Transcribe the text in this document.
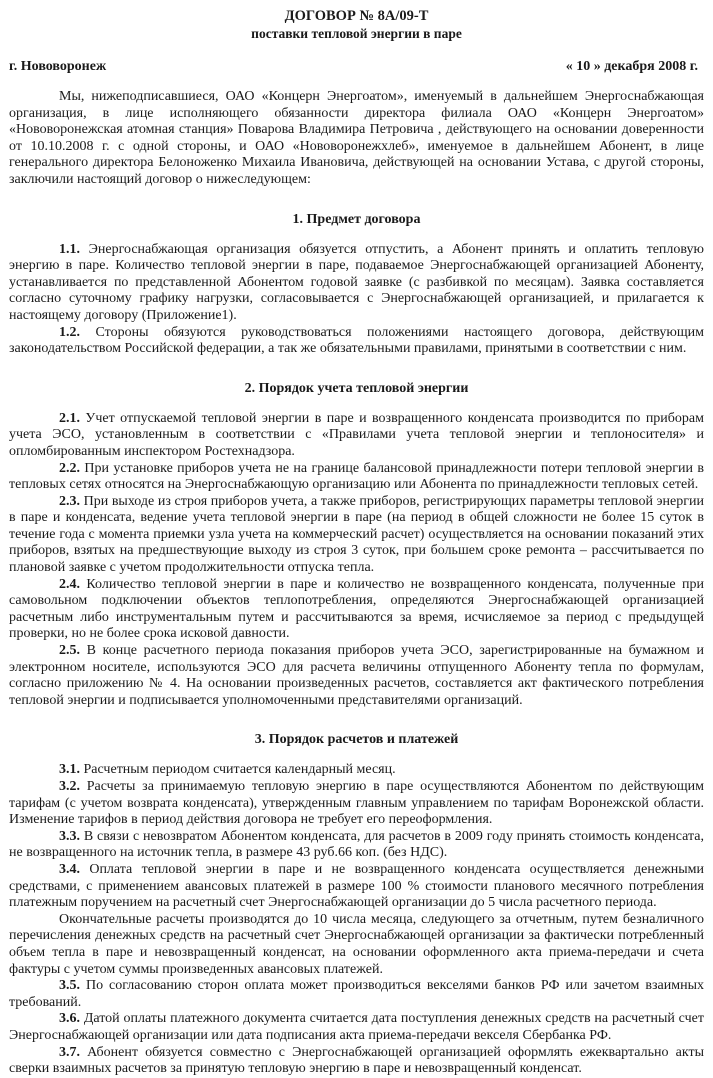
ДОГОВОР № 8А/09-Т
поставки тепловой энергии в паре
г. Нововоронеж	« 10 » декабря 2008 г.

Мы, нижеподписавшиеся, ОАО «Концерн Энергоатом», именуемый в дальнейшем Энергоснабжающая организация, в лице исполняющего обязанности директора филиала ОАО «Концерн Энергоатом» «Нововоронежская атомная станция» Поварова Владимира Петровича , действующего на основании доверенности от 10.10.2008 г. с одной стороны, и ОАО «Нововоронежхлеб», именуемое в дальнейшем Абонент, в лице генерального директора Белоноженко Михаила Ивановича, действующей на основании Устава, с другой стороны, заключили настоящий договор о нижеследующем:

1. Предмет договора

1.1. Энергоснабжающая организация обязуется отпустить, а Абонент принять и оплатить тепловую энергию в паре. Количество тепловой энергии в паре, подаваемое Энергоснабжающей организацией Абоненту, устанавливается по представленной Абонентом годовой заявке (с разбивкой по месяцам). Заявка составляется согласно суточному графику нагрузки, согласовывается с Энергоснабжающей организацией, и прилагается к настоящему договору (Приложение1).

1.2. Стороны обязуются руководствоваться положениями настоящего договора, действующим законодательством Российской федерации, а так же обязательными правилами, принятыми в соответствии с ним.

2. Порядок учета тепловой энергии

2.1. Учет отпускаемой тепловой энергии в паре и возвращенного конденсата производится по приборам учета ЭСО, установленным в соответствии с «Правилами учета тепловой энергии и теплоносителя» и опломбированным инспектором Ростехнадзора.

2.2. При установке приборов учета не на границе балансовой принадлежности потери тепловой энергии в тепловых сетях относятся на Энергоснабжающую организацию или Абонента по принадлежности тепловых сетей.

2.3. При выходе из строя приборов учета, а также приборов, регистрирующих параметры тепловой энергии в паре и конденсата, ведение учета тепловой энергии в паре (на период в общей сложности не более 15 суток в течение года с момента приемки узла учета на коммерческий расчет) осуществляется на основании показаний этих приборов, взятых на предшествующие выходу из строя 3 суток, при большем сроке ремонта – рассчитывается по плановой заявке с учетом продолжительности отпуска тепла.

2.4. Количество тепловой энергии в паре и количество не возвращенного конденсата, полученные при самовольном подключении объектов теплопотребления, определяются Энергоснабжающей организацией расчетным либо инструментальным путем и рассчитываются за время, исчисляемое за период с предыдущей проверки, но не более срока исковой давности.

2.5. В конце расчетного периода показания приборов учета ЭСО, зарегистрированные на бумажном и электронном носителе, используются ЭСО для расчета величины отпущенного Абоненту тепла по формулам, согласно приложению № 4. На основании произведенных расчетов, составляется акт фактического потребления тепловой энергии и подписывается уполномоченными представителями организаций.

3. Порядок расчетов и платежей

3.1. Расчетным периодом считается календарный месяц.

3.2. Расчеты за принимаемую тепловую энергию в паре осуществляются Абонентом по действующим тарифам (с учетом возврата конденсата), утвержденным главным управлением по тарифам Воронежской области. Изменение тарифов в период действия договора не требует его переоформления.

3.3. В связи с невозвратом Абонентом конденсата, для расчетов в 2009 году принять стоимость конденсата, не возвращенного на источник тепла, в размере 43 руб.66 коп. (без НДС).

3.4. Оплата тепловой энергии в паре и не возвращенного конденсата осуществляется денежными средствами, с применением авансовых платежей в размере 100 % стоимости планового месячного потребления платежным поручением на расчетный счет Энергоснабжающей организации до 5 числа расчетного периода.

Окончательные расчеты производятся до 10 числа месяца, следующего за отчетным, путем безналичного перечисления денежных средств на расчетный счет Энергоснабжающей организации за фактически потребленный объем тепла в паре и невозвращенный конденсат, на основании оформленного акта приема-передачи и счета фактуры с учетом суммы произведенных авансовых платежей.

3.5. По согласованию сторон оплата может производиться векселями банков РФ или зачетом взаимных требований.

3.6. Датой оплаты платежного документа считается дата поступления денежных средств на расчетный счет Энергоснабжающей организации или дата подписания акта приема-передачи векселя Сбербанка РФ.

3.7. Абонент обязуется совместно с Энергоснабжающей организацией оформлять ежеквартально акты сверки взаимных расчетов за принятую тепловую энергию в паре и невозвращенный конденсат.
